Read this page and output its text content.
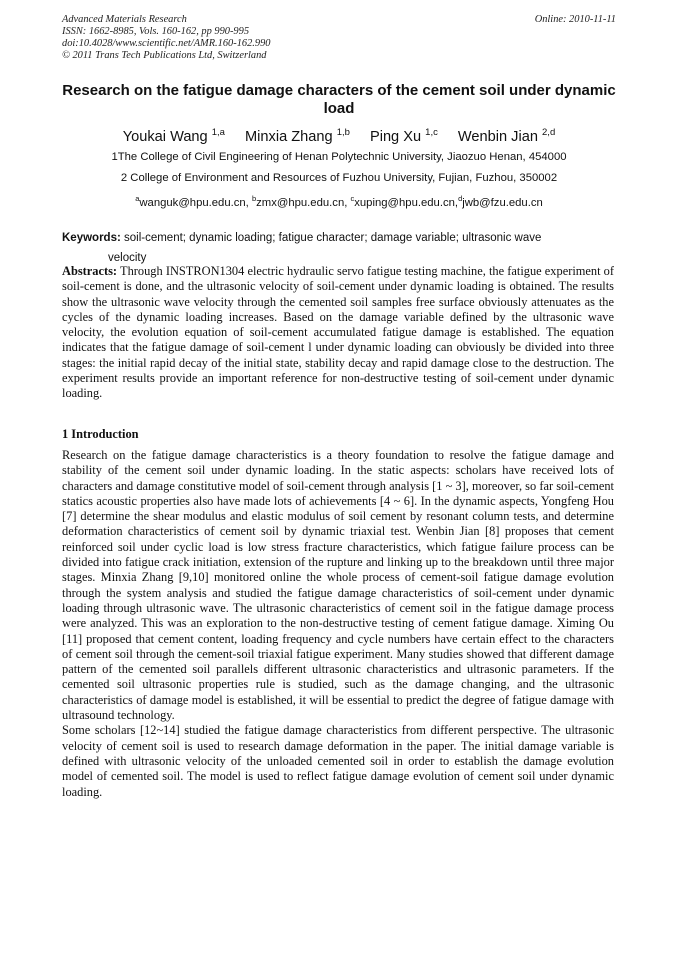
Advanced Materials Research
ISSN: 1662-8985, Vols. 160-162, pp 990-995
doi:10.4028/www.scientific.net/AMR.160-162.990
© 2011 Trans Tech Publications Ltd, Switzerland
Online: 2010-11-11
Research on the fatigue damage characters of the cement soil under dynamic load
Youkai Wang $^{1,a}$ Minxia Zhang $^{1,b}$ Ping Xu $^{1,c}$ Wenbin Jian $^{2,d}$
1The College of Civil Engineering of Henan Polytechnic University, Jiaozuo Henan, 454000
2 College of Environment and Resources of Fuzhou University, Fujian, Fuzhou, 350002
$^a$wanguk@hpu.edu.cn, $^b$zmx@hpu.edu.cn, $^c$xuping@hpu.edu.cn,$^d$jwb@fzu.edu.cn
Keywords: soil-cement; dynamic loading; fatigue character; damage variable; ultrasonic wave
velocity

Abstracts: Through INSTRON1304 electric hydraulic servo fatigue testing machine, the fatigue experiment of soil-cement is done, and the ultrasonic velocity of soil-cement under dynamic loading is obtained. The results show the ultrasonic wave velocity through the cemented soil samples free surface obviously attenuates as the cycles of the dynamic loading increases. Based on the damage variable defined by the ultrasonic wave velocity, the evolution equation of soil-cement accumulated fatigue damage is established. The equation indicates that the fatigue damage of soil-cement l under dynamic loading can obviously be divided into three stages: the initial rapid decay of the initial state, stability decay and rapid damage close to the destruction. The experiment results provide an important reference for non-destructive testing of soil-cement under dynamic loading.

1 Introduction

Research on the fatigue damage characteristics is a theory foundation to resolve the fatigue damage and stability of the cement soil under dynamic loading. In the static aspects: scholars have received lots of characters and damage constitutive model of soil-cement through analysis [1 ~ 3], moreover, so far soil-cement statics acoustic properties also have made lots of achievements [4 ~ 6]. In the dynamic aspects, Yongfeng Hou [7] determine the shear modulus and elastic modulus of soil cement by resonant column tests, and determine deformation characteristics of cement soil by dynamic triaxial test. Wenbin Jian [8] proposes that cement reinforced soil under cyclic load is low stress fracture characteristics, which fatigue failure process can be divided into fatigue crack initiation, extension of the rupture and linking up to the breakdown until three major stages. Minxia Zhang [9,10] monitored online the whole process of cement-soil fatigue damage evolution through the system analysis and studied the fatigue damage characteristics of soil-cement under dynamic loading through ultrasonic wave. The ultrasonic characteristics of cement soil in the fatigue damage process were analyzed. This was an exploration to the non-destructive testing of cement fatigue damage. Ximing Ou [11] proposed that cement content, loading frequency and cycle numbers have certain effect to the characters of cement soil through the cement-soil triaxial fatigue experiment. Many studies showed that different damage pattern of the cemented soil parallels different ultrasonic characteristics and ultrasonic parameters. If the cemented soil ultrasonic properties rule is studied, such as the damage changing, and the ultrasonic characteristics of damage model is established, it will be essential to predict the degree of fatigue damage with ultrasound technology.

Some scholars [12~14] studied the fatigue damage characteristics from different perspective. The ultrasonic velocity of cement soil is used to research damage deformation in the paper. The initial damage variable is defined with ultrasonic velocity of the unloaded cemented soil in order to establish the damage evolution model of cemented soil. The model is used to reflect fatigue damage evolution of cement soil under dynamic loading.
